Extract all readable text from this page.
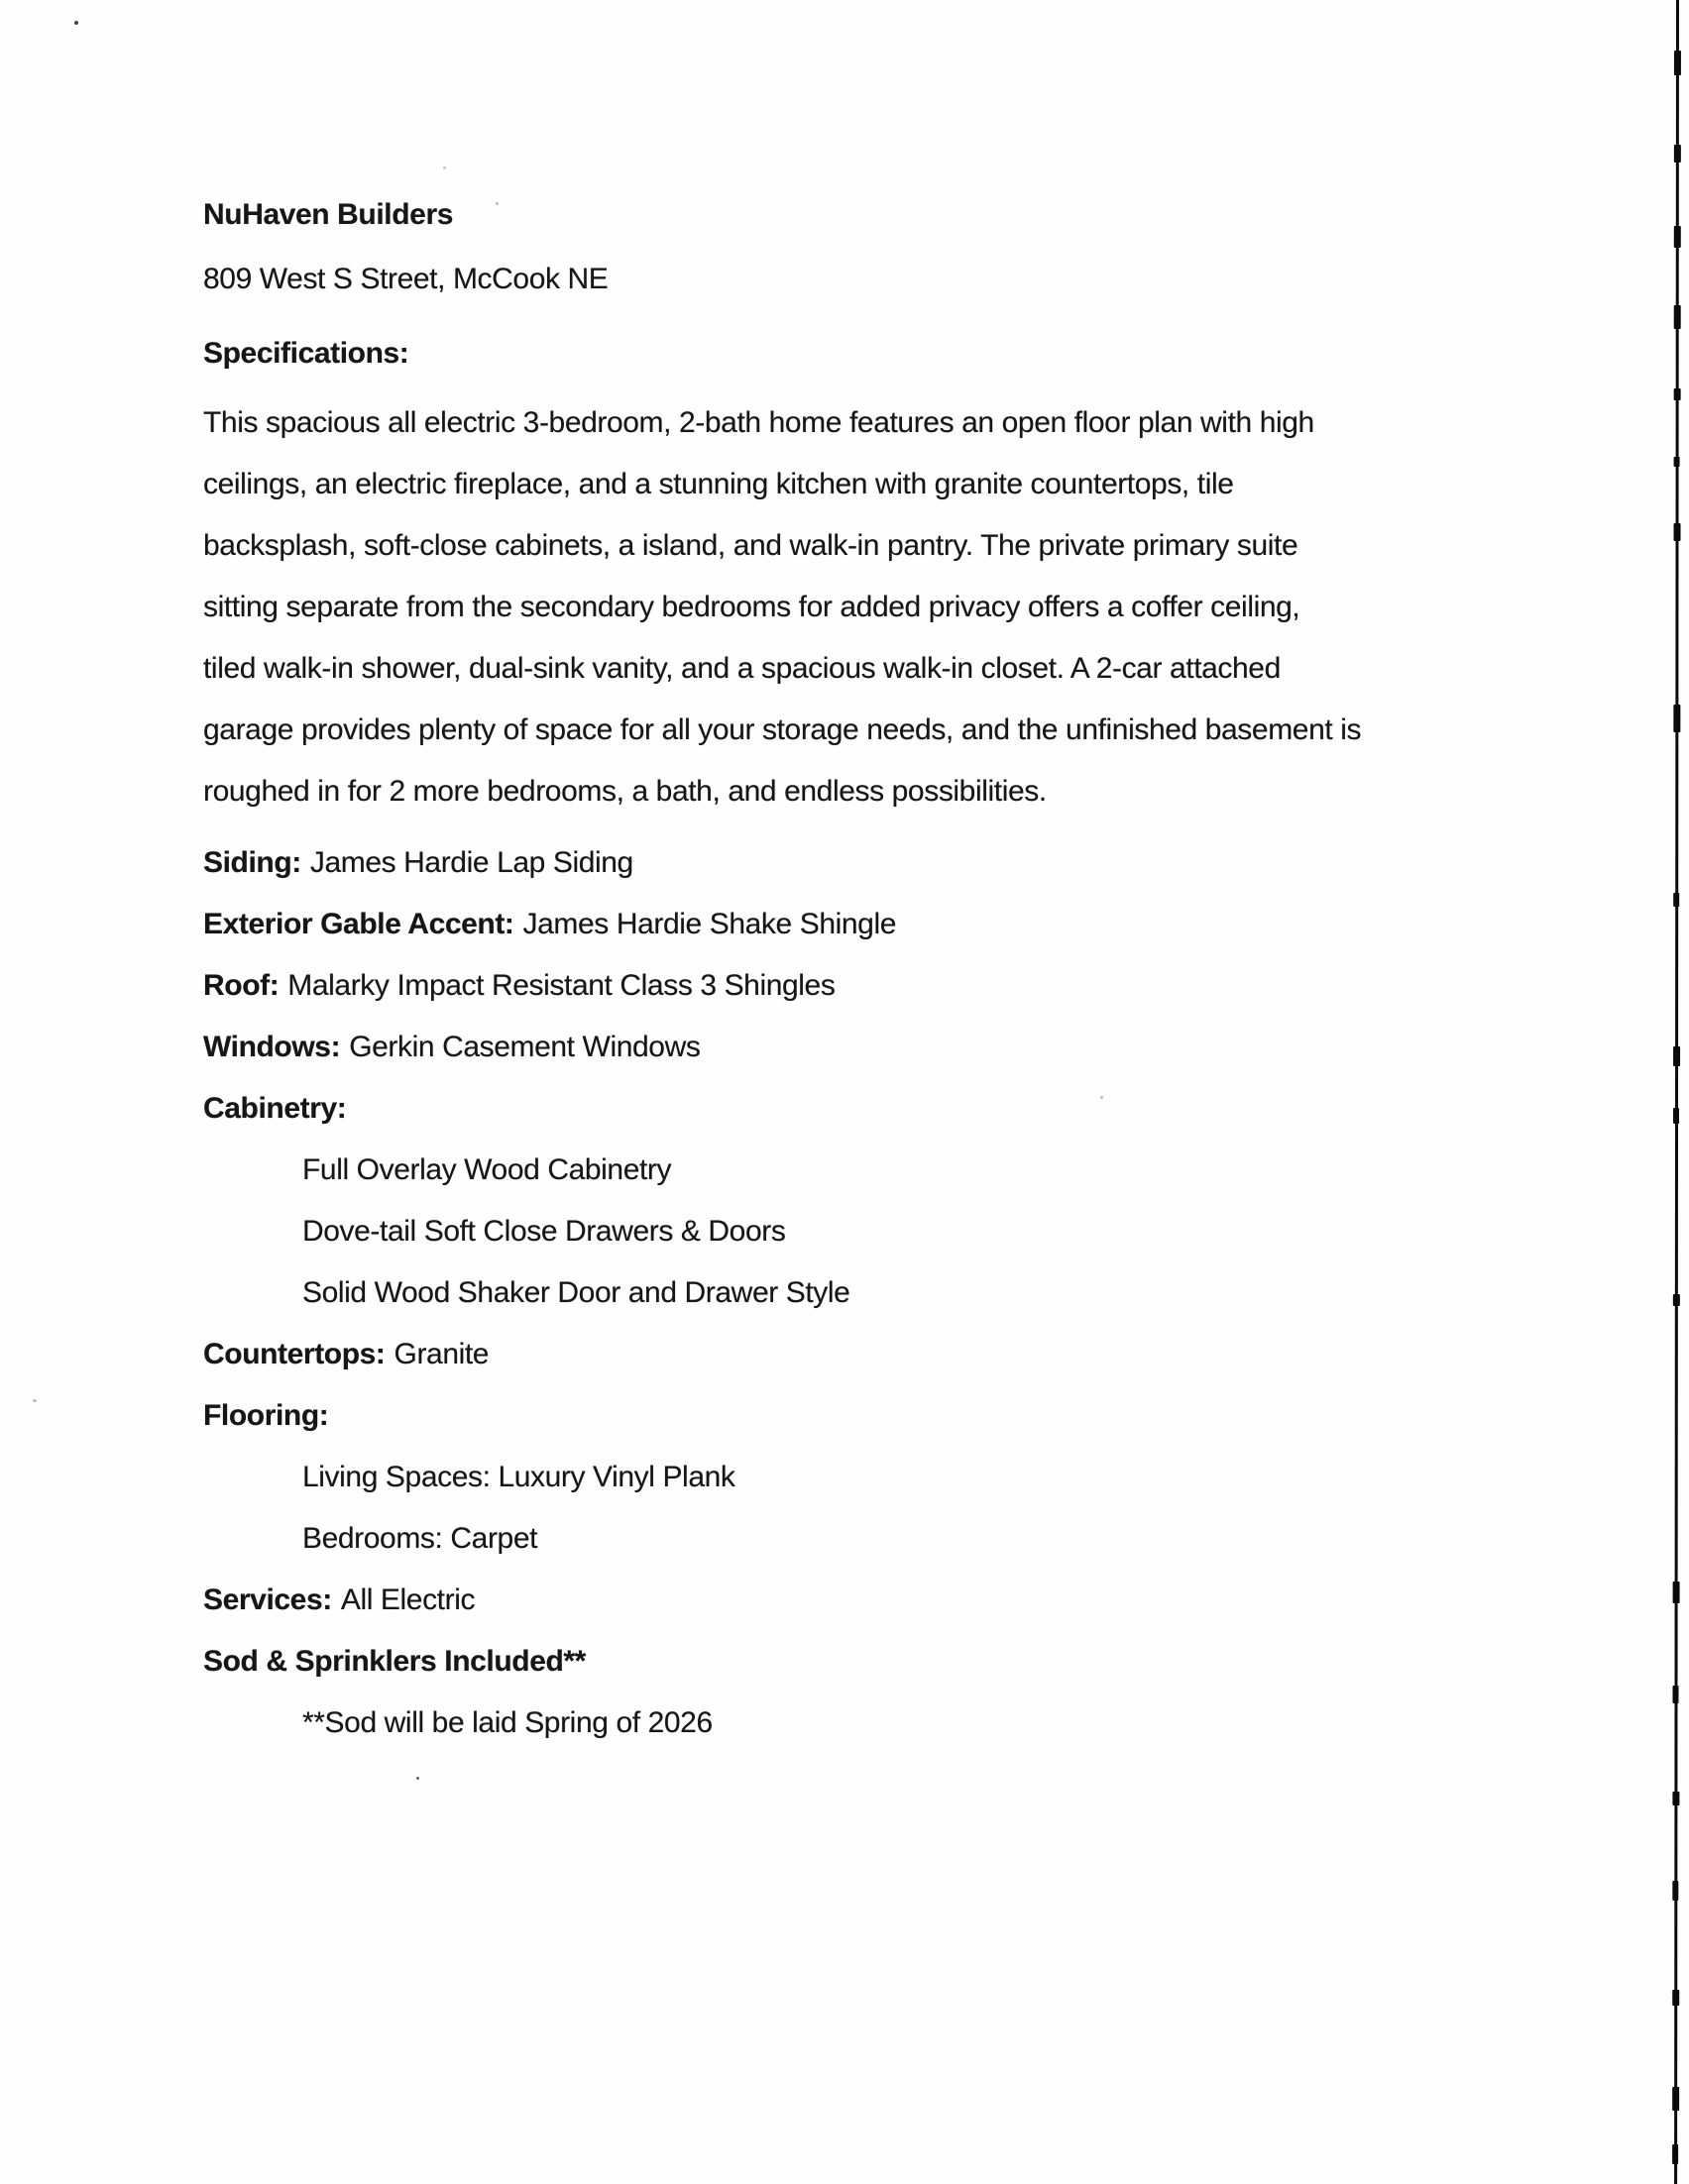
NuHaven Builders
809 West S Street, McCook NE
Specifications:
This spacious all electric 3-bedroom, 2-bath home features an open floor plan with high
ceilings, an electric fireplace, and a stunning kitchen with granite countertops, tile
backsplash, soft-close cabinets, a island, and walk-in pantry. The private primary suite
sitting separate from the secondary bedrooms for added privacy offers a coffer ceiling,
tiled walk-in shower, dual-sink vanity, and a spacious walk-in closet. A 2-car attached
garage provides plenty of space for all your storage needs, and the unfinished basement is
roughed in for 2 more bedrooms, a bath, and endless possibilities.
Siding: James Hardie Lap Siding
Exterior Gable Accent: James Hardie Shake Shingle
Roof: Malarky Impact Resistant Class 3 Shingles
Windows: Gerkin Casement Windows
Cabinetry:
Full Overlay Wood Cabinetry
Dove-tail Soft Close Drawers & Doors
Solid Wood Shaker Door and Drawer Style
Countertops: Granite
Flooring:
Living Spaces: Luxury Vinyl Plank
Bedrooms: Carpet
Services: All Electric
Sod & Sprinklers Included**
**Sod will be laid Spring of 2026
